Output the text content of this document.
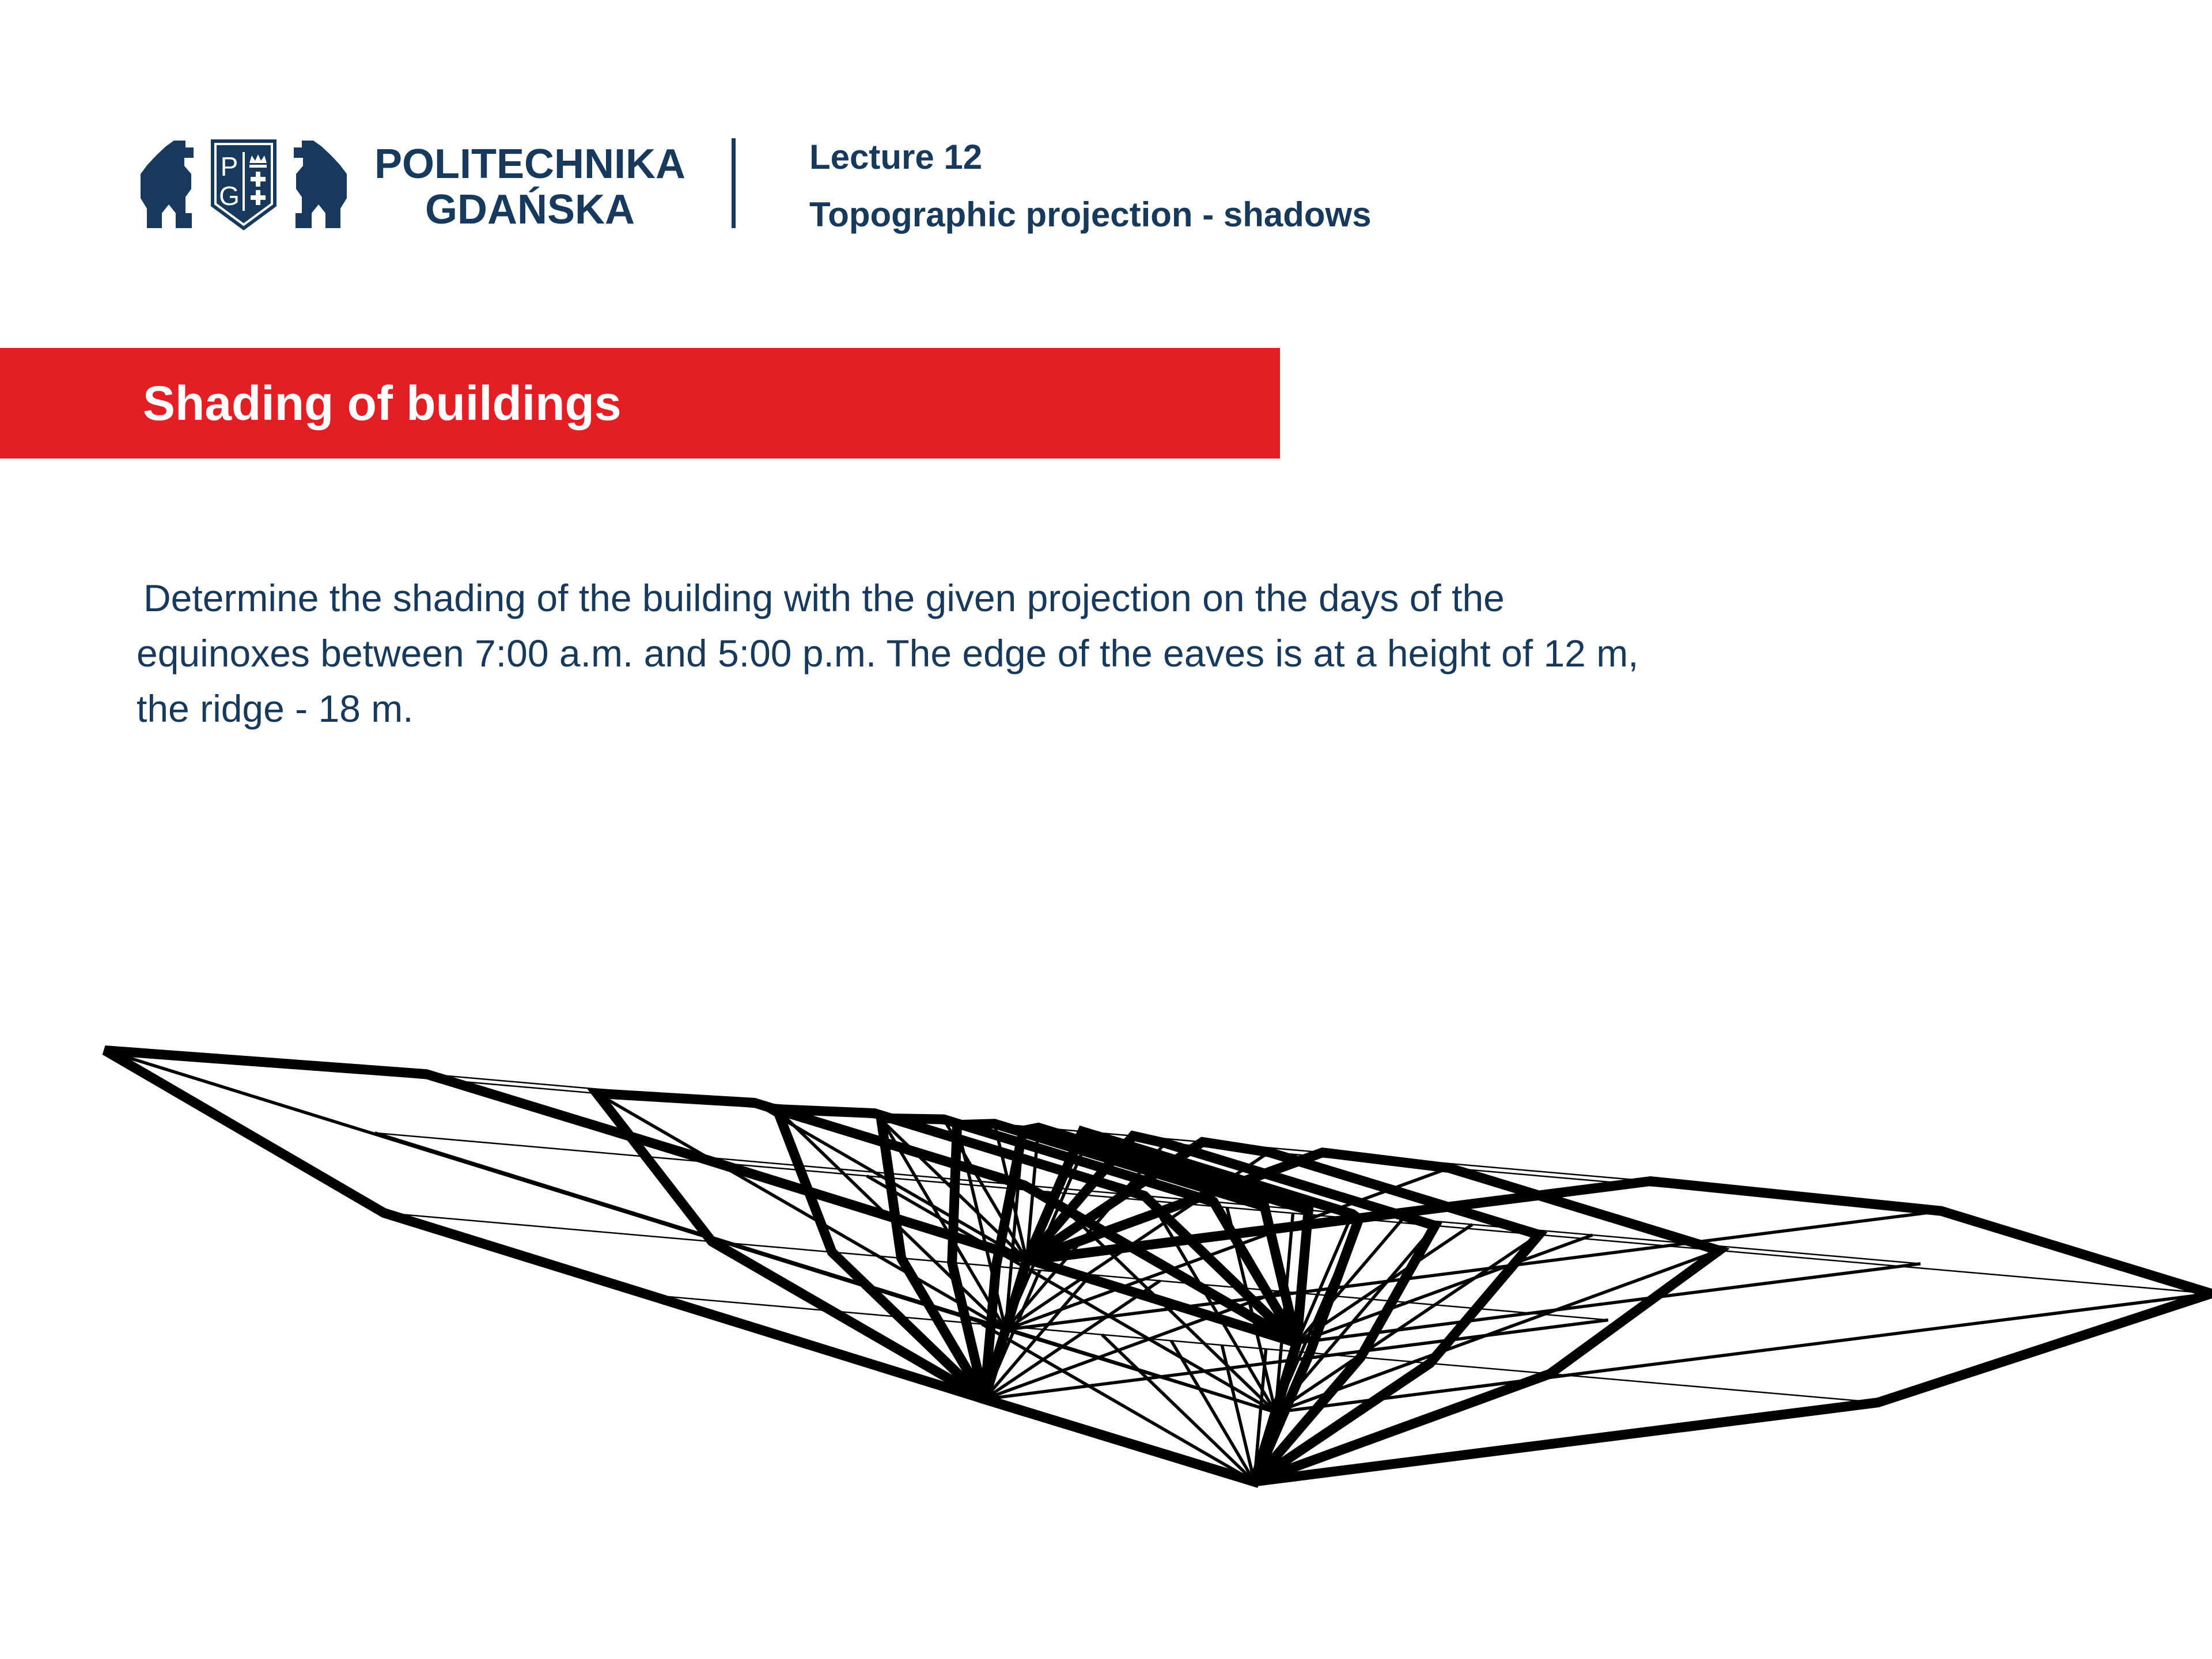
P
G
POLITECHNIKA
GDAŃSKA
Lecture 12
Topographic projection - shadows
Shading of buildings
Determine the shading of the building with the given projection on the days of the
equinoxes between 7:00 a.m. and 5:00 p.m. The edge of the eaves is at a height of 12 m,
the ridge - 18 m.
